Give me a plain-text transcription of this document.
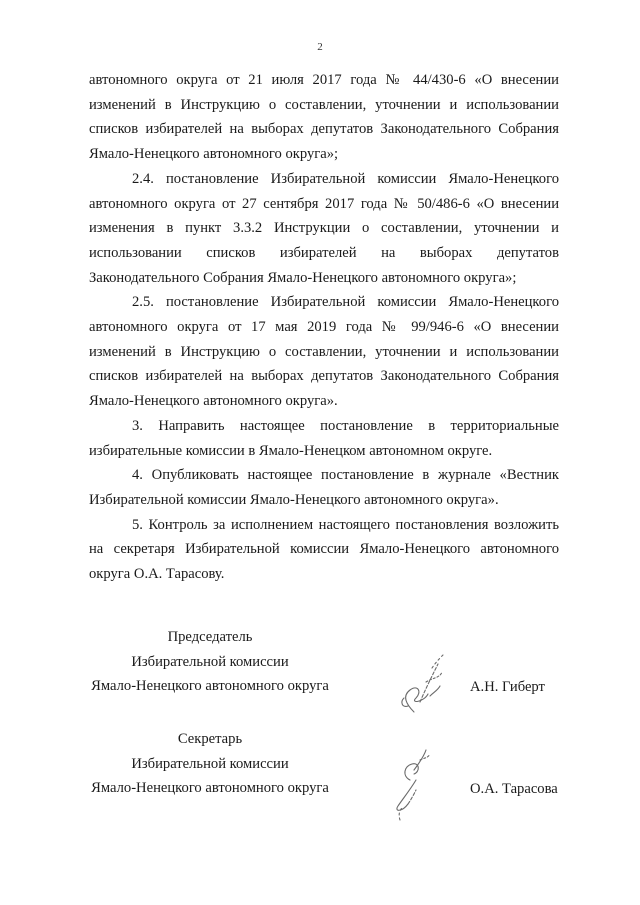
2

автономного округа от 21 июля 2017 года № 44/430-6 «О внесении изменений в Инструкцию о составлении, уточнении и использовании списков избирателей на выборах депутатов Законодательного Собрания Ямало-Ненецкого автономного округа»;

2.4. постановление Избирательной комиссии Ямало-Ненецкого автономного округа от 27 сентября 2017 года № 50/486-6 «О внесении изменения в пункт 3.3.2 Инструкции о составлении, уточнении и использовании списков избирателей на выборах депутатов Законодательного Собрания Ямало-Ненецкого автономного округа»;

2.5. постановление Избирательной комиссии Ямало-Ненецкого автономного округа от 17 мая 2019 года № 99/946-6 «О внесении изменений в Инструкцию о составлении, уточнении и использовании списков избирателей на выборах депутатов Законодательного Собрания Ямало-Ненецкого автономного округа».

3. Направить настоящее постановление в территориальные избирательные комиссии в Ямало-Ненецком автономном округе.

4. Опубликовать настоящее постановление в журнале «Вестник Избирательной комиссии Ямало-Ненецкого автономного округа».

5. Контроль за исполнением настоящего постановления возложить на секретаря Избирательной комиссии Ямало-Ненецкого автономного округа О.А. Тарасову.

Председатель
Избирательной комиссии
Ямало-Ненецкого автономного округа	А.Н. Гиберт
Секретарь
Избирательной комиссии
Ямало-Ненецкого автономного округа	О.А. Тарасова
